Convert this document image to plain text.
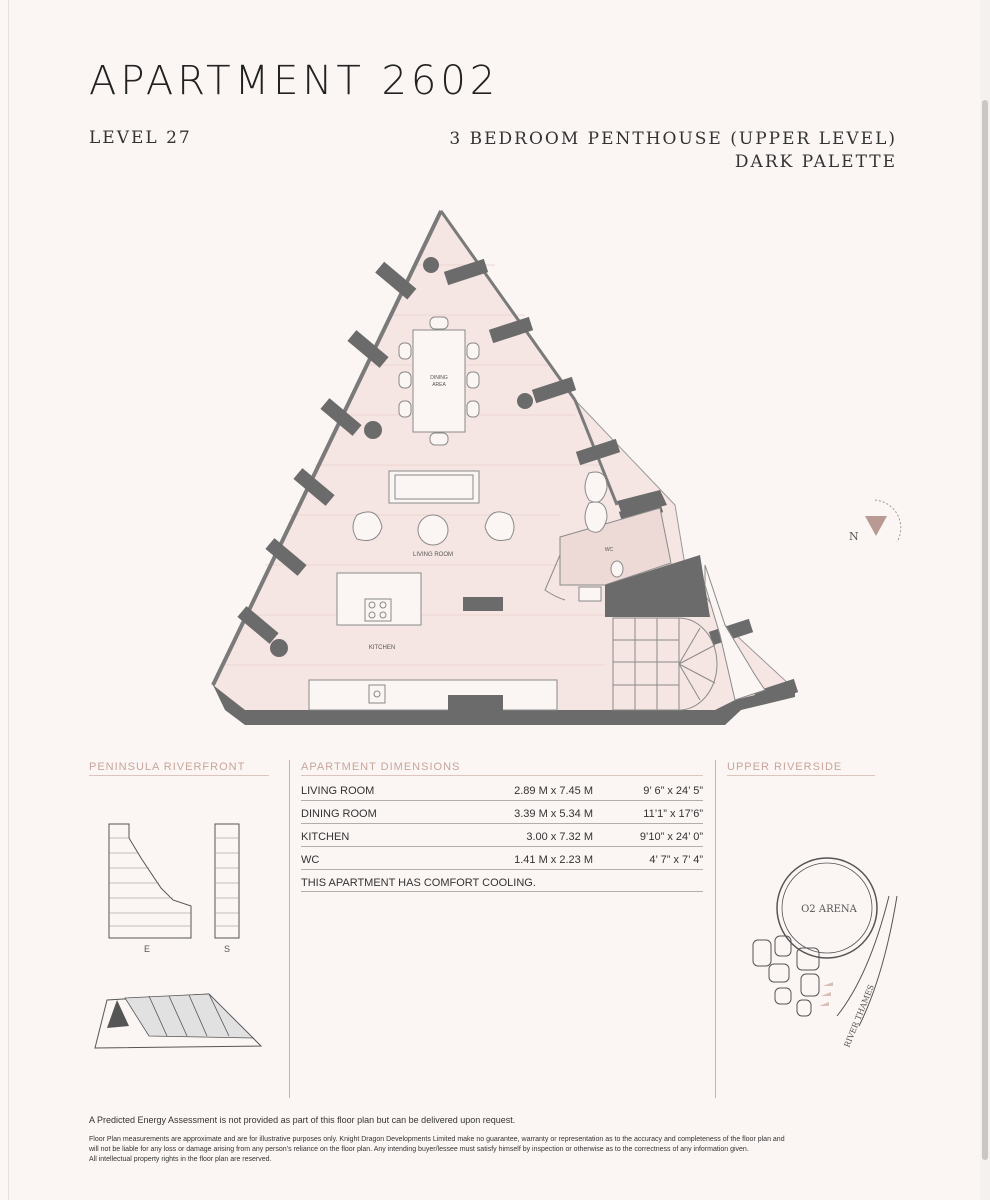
APARTMENT 2602
LEVEL 27	3 BEDROOM PENTHOUSE (UPPER LEVEL)
DARK PALETTE
DINING
AREA
LIVING ROOM
KITCHEN
WC
N
PENINSULA RIVERFRONT	APARTMENT DIMENSIONS	UPPER RIVERSIDE
LIVING ROOM	2.89 M x 7.45 M	9’ 6” x 24’ 5”
DINING ROOM	3.39 M x 5.34 M	11’1” x 17’6”
KITCHEN	3.00 x 7.32 M	9’10” x 24’ 0”
WC	1.41 M x 2.23 M	4’ 7” x 7’ 4”
THIS APARTMENT HAS COMFORT COOLING.
E	S
O2 ARENA
RIVER THAMES
A Predicted Energy Assessment is not provided as part of this floor plan but can be delivered upon request.
Floor Plan measurements are approximate and are for illustrative purposes only. Knight Dragon Developments Limited make no guarantee, warranty or representation as to the accuracy and completeness of the floor plan and
will not be liable for any loss or damage arising from any person’s reliance on the floor plan. Any intending buyer/lessee must satisfy himself by inspection or otherwise as to the correctness of any information given.
All intellectual property rights in the floor plan are reserved.
